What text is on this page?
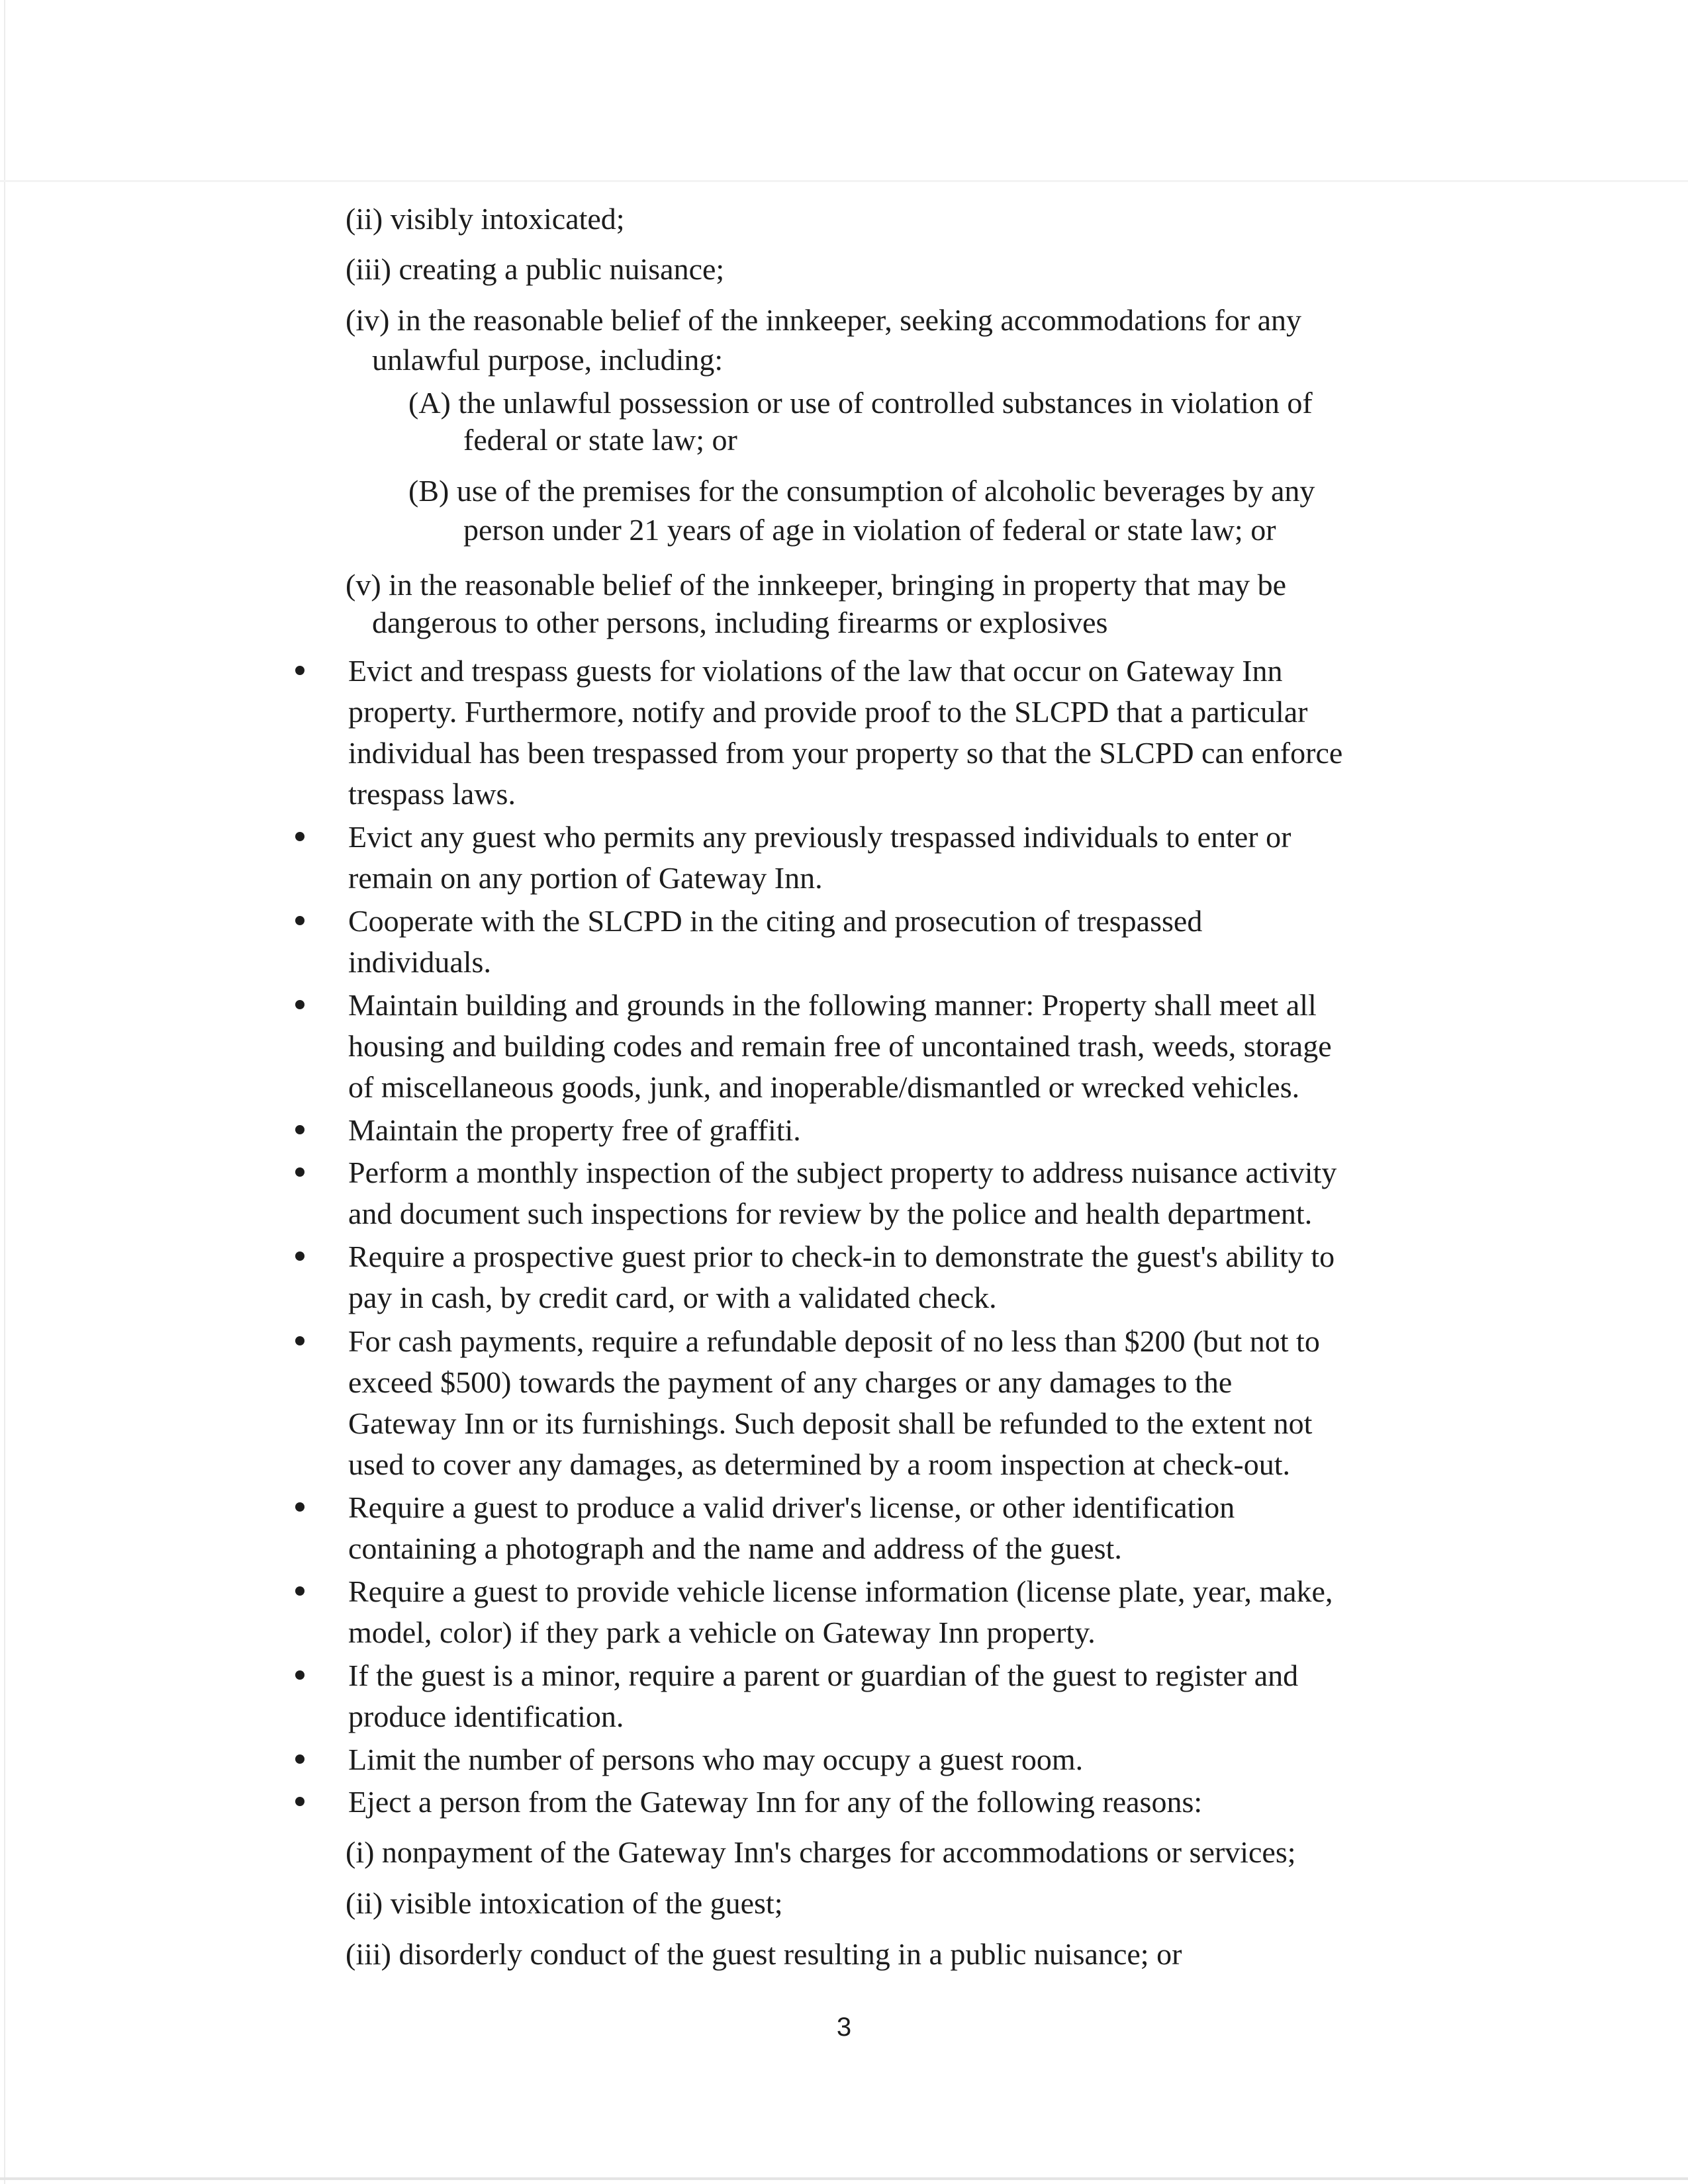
(ii) visibly intoxicated;

(iii) creating a public nuisance;

(iv) in the reasonable belief of the innkeeper, seeking accommodations for any

unlawful purpose, including:

(A) the unlawful possession or use of controlled substances in violation of

federal or state law; or

(B) use of the premises for the consumption of alcoholic beverages by any

person under 21 years of age in violation of federal or state law; or

(v) in the reasonable belief of the innkeeper, bringing in property that may be

dangerous to other persons, including firearms or explosives

Evict and trespass guests for violations of the law that occur on Gateway Inn

property. Furthermore, notify and provide proof to the SLCPD that a particular

individual has been trespassed from your property so that the SLCPD can enforce

trespass laws.

Evict any guest who permits any previously trespassed individuals to enter or

remain on any portion of Gateway Inn.

Cooperate with the SLCPD in the citing and prosecution of trespassed

individuals.

Maintain building and grounds in the following manner: Property shall meet all

housing and building codes and remain free of uncontained trash, weeds, storage

of miscellaneous goods, junk, and inoperable/dismantled or wrecked vehicles.

Maintain the property free of graffiti.

Perform a monthly inspection of the subject property to address nuisance activity

and document such inspections for review by the police and health department.

Require a prospective guest prior to check-in to demonstrate the guest's ability to

pay in cash, by credit card, or with a validated check.

For cash payments, require a refundable deposit of no less than $200 (but not to

exceed $500) towards the payment of any charges or any damages to the

Gateway Inn or its furnishings. Such deposit shall be refunded to the extent not

used to cover any damages, as determined by a room inspection at check-out.

Require a guest to produce a valid driver's license, or other identification

containing a photograph and the name and address of the guest.

Require a guest to provide vehicle license information (license plate, year, make,

model, color) if they park a vehicle on Gateway Inn property.

If the guest is a minor, require a parent or guardian of the guest to register and

produce identification.

Limit the number of persons who may occupy a guest room.

Eject a person from the Gateway Inn for any of the following reasons:

(i) nonpayment of the Gateway Inn's charges for accommodations or services;

(ii) visible intoxication of the guest;

(iii) disorderly conduct of the guest resulting in a public nuisance; or

3
